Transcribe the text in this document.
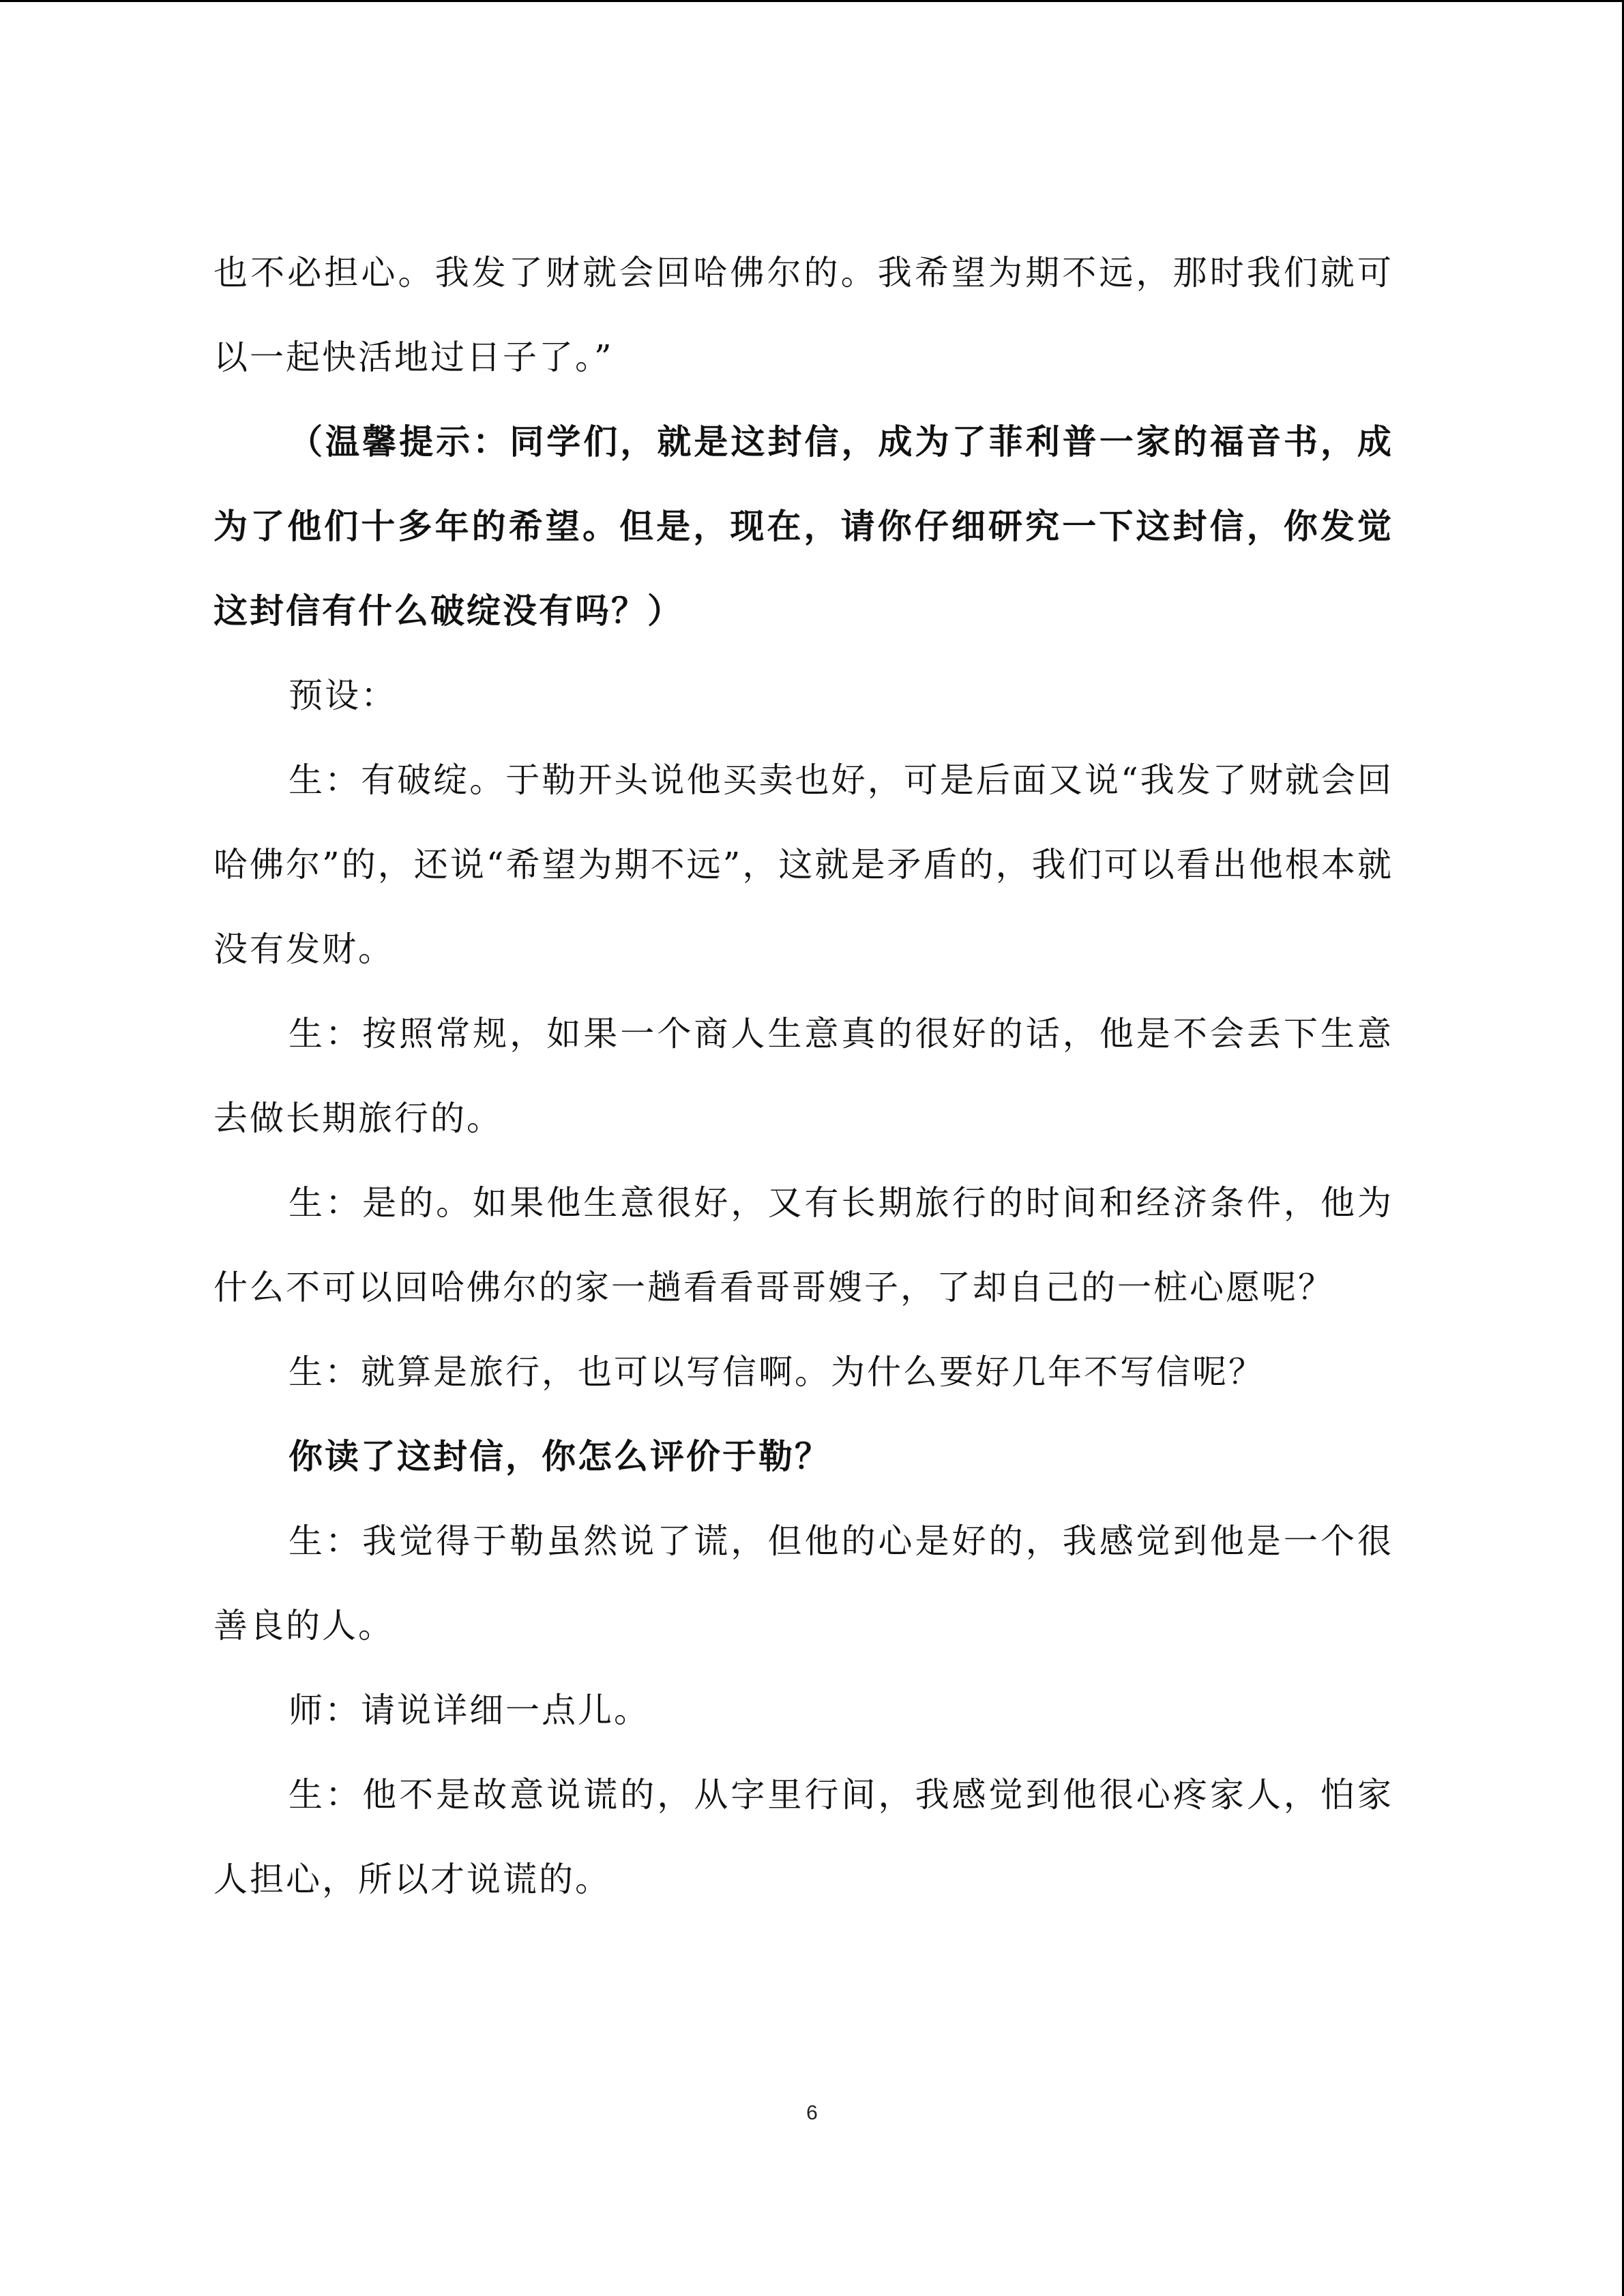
也不必担心。我发了财就会回哈佛尔的。我希望为期不远，那时我们就可以一起快活地过日子了。”

（温馨提示：同学们，就是这封信，成为了菲利普一家的福音书，成为了他们十多年的希望。但是，现在，请你仔细研究一下这封信，你发觉这封信有什么破绽没有吗？）

预设：

生：有破绽。于勒开头说他买卖也好，可是后面又说“我发了财就会回哈佛尔”的，还说“希望为期不远”，这就是矛盾的，我们可以看出他根本就没有发财。

生：按照常规，如果一个商人生意真的很好的话，他是不会丢下生意去做长期旅行的。

生：是的。如果他生意很好，又有长期旅行的时间和经济条件，他为什么不可以回哈佛尔的家一趟看看哥哥嫂子，了却自己的一桩心愿呢？

生：就算是旅行，也可以写信啊。为什么要好几年不写信呢？

你读了这封信，你怎么评价于勒？

生：我觉得于勒虽然说了谎，但他的心是好的，我感觉到他是一个很善良的人。

师：请说详细一点儿。

生：他不是故意说谎的，从字里行间，我感觉到他很心疼家人，怕家人担心，所以才说谎的。

6
